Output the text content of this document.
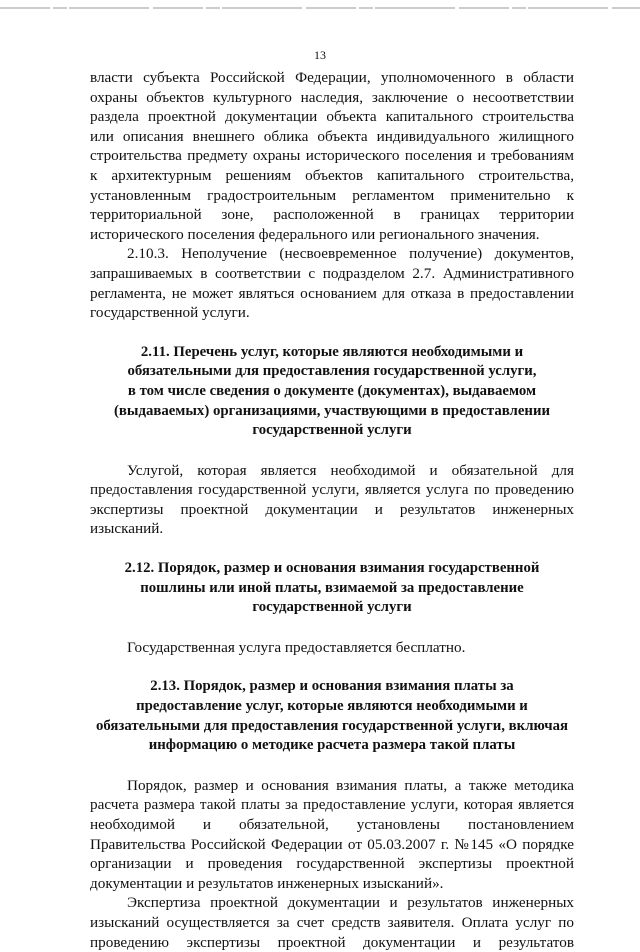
13

власти субъекта Российской Федерации, уполномоченного в области охраны объектов культурного наследия, заключение о несоответствии раздела проектной документации объекта капитального строительства или описания внешнего облика объекта индивидуального жилищного строительства предмету охраны исторического поселения и требованиям к архитектурным решениям объектов капитального строительства, установленным градостроительным регламентом применительно к территориальной зоне, расположенной в границах территории исторического поселения федерального или регионального значения.

2.10.3. Неполучение (несвоевременное получение) документов, запрашиваемых в соответствии с подразделом 2.7. Административного регламента, не может являться основанием для отказа в предоставлении государственной услуги.

2.11. Перечень услуг, которые являются необходимыми и
обязательными для предоставления государственной услуги,
в том числе сведения о документе (документах), выдаваемом
(выдаваемых) организациями, участвующими в предоставлении
государственной услуги

Услугой, которая является необходимой и обязательной для предоставления государственной услуги, является услуга по проведению экспертизы проектной документации и результатов инженерных изысканий.

2.12. Порядок, размер и основания взимания государственной
пошлины или иной платы, взимаемой за предоставление
государственной услуги

Государственная услуга предоставляется бесплатно.

2.13. Порядок, размер и основания взимания платы за
предоставление услуг, которые являются необходимыми и
обязательными для предоставления государственной услуги, включая
информацию о методике расчета размера такой платы

Порядок, размер и основания взимания платы, а также методика расчета размера такой платы за предоставление услуги, которая является необходимой и обязательной, установлены постановлением Правительства Российской Федерации от 05.03.2007 г. №145 «О порядке организации и проведения государственной экспертизы проектной документации и результатов инженерных изысканий».

Экспертиза проектной документации и результатов инженерных изысканий осуществляется за счет средств заявителя. Оплата услуг по проведению экспертизы проектной документации и результатов
